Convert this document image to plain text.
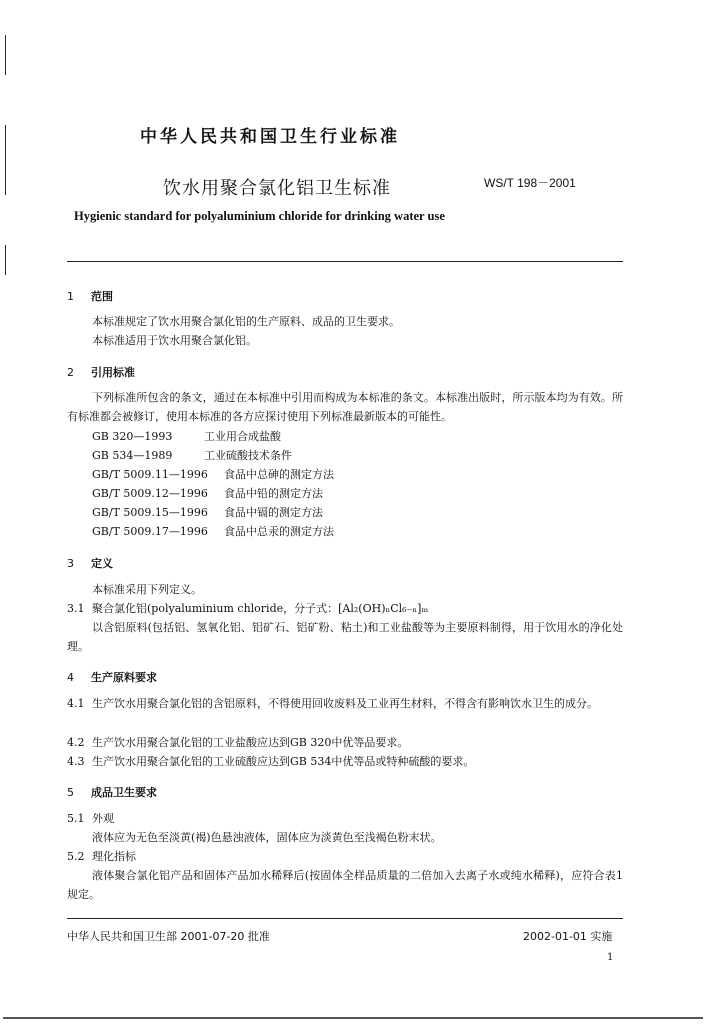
中华人民共和国卫生行业标准
饮水用聚合氯化铝卫生标准	WS/T 198－2001
Hygienic standard for polyaluminium chloride for drinking water use
1 范围
本标准规定了饮水用聚合氯化铝的生产原料、成品的卫生要求。
本标准适用于饮水用聚合氯化铝。
2 引用标准
下列标准所包含的条文，通过在本标准中引用而构成为本标准的条文。本标准出版时，所示版本均为有效。所有标准都会被修订，使用本标准的各方应探讨使用下列标准最新版本的可能性。
GB 320—1993	工业用合成盐酸
GB 534—1989	工业硫酸技术条件
GB/T 5009.11—1996 食品中总砷的测定方法
GB/T 5009.12—1996 食品中铅的测定方法
GB/T 5009.15—1996 食品中镉的测定方法
GB/T 5009.17—1996 食品中总汞的测定方法
3 定义
本标准采用下列定义。
3.1 聚合氯化铝(polyaluminium chloride，分子式：[Al₂(OH)ₙCl₆₋ₙ]ₘ
以含铝原料(包括铝、氢氧化铝、铝矿石、铝矿粉、粘土)和工业盐酸等为主要原料制得，用于饮用水的净化处理。
4 生产原料要求
4.1 生产饮水用聚合氯化铝的含铝原料，不得使用回收废料及工业再生材料，不得含有影响饮水卫生的成分。
4.2 生产饮水用聚合氯化铝的工业盐酸应达到GB 320中优等品要求。
4.3 生产饮水用聚合氯化铝的工业硫酸应达到GB 534中优等品或特种硫酸的要求。
5 成品卫生要求
5.1 外观
液体应为无色至淡黄(褐)色悬浊液体，固体应为淡黄色至浅褐色粉末状。
5.2 理化指标
液体聚合氯化铝产品和固体产品加水稀释后(按固体全样品质量的二倍加入去离子水或纯水稀释)，应符合表1规定。
中华人民共和国卫生部 2001-07-20 批准	2002-01-01 实施
1
